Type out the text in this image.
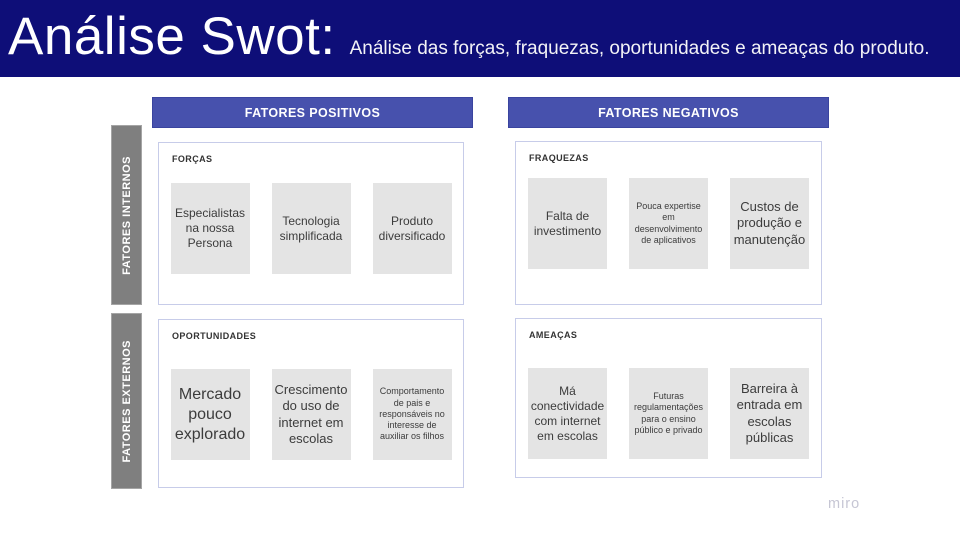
Análise Swot: Análise das forças, fraquezas, oportunidades e ameaças do produto.
FATORES POSITIVOS	FATORES NEGATIVOS
FATORES INTERNOS
FATORES EXTERNOS
FORÇAS
Especialistas na nossa Persona
Tecnologia simplificada
Produto diversificado
FRAQUEZAS
Falta de investimento
Pouca expertise em desenvolvimento de aplicativos
Custos de produção e manutenção
OPORTUNIDADES
Mercado pouco explorado
Crescimento do uso de internet em escolas
Comportamento de pais e responsáveis no interesse de auxiliar os filhos
AMEAÇAS
Má conectividade com internet em escolas
Futuras regulamentações para o ensino público e privado
Barreira à entrada em escolas públicas
miro
